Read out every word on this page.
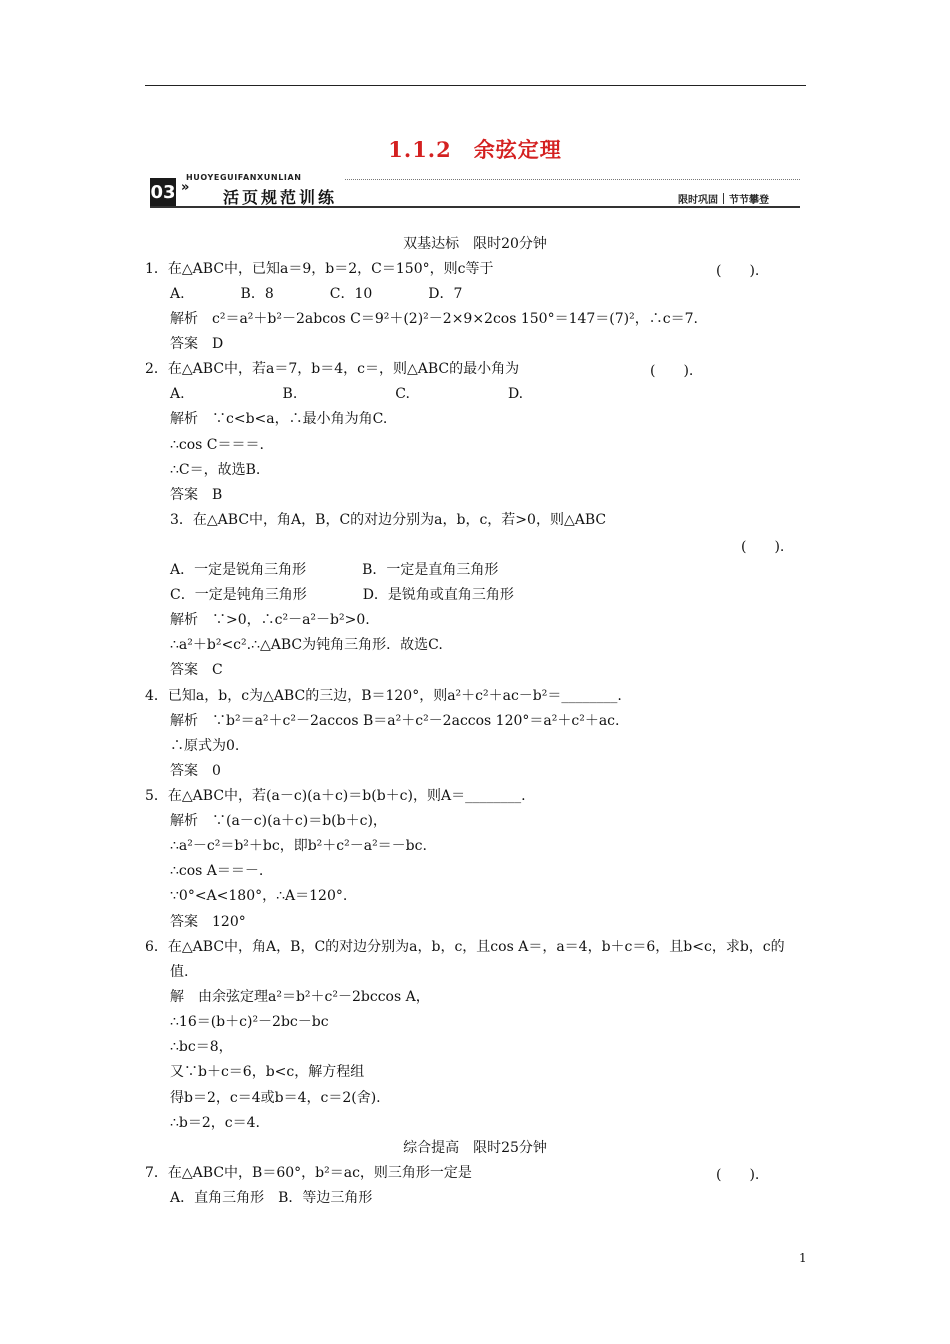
1.1.2　余弦定理
HUOYEGUIFANXUNLIAN
03 »
活页规范训练	限时巩固 节节攀登
双基达标　限时20分钟
1．在△ABC中，已知a＝9，b＝2，C＝150°，则c等于	(　　).
A.　　　　B．8　　　　C．10　　　　D．7
解析　c²＝a²＋b²－2abcos C＝9²＋(2)²－2×9×2cos 150°＝147＝(7)²，∴c＝7.
答案　D
2．在△ABC中，若a＝7，b＝4，c＝，则△ABC的最小角为	(　　).
A.　　　　　　　B.　　　　　　　C.　　　　　　　D.
解析　∵c<b<a，∴最小角为角C.
∴cos C＝＝＝.
∴C＝，故选B.
答案　B
3．在△ABC中，角A，B，C的对边分别为a，b，c，若>0，则△ABC
(　　).
A．一定是锐角三角形　　　　B．一定是直角三角形
C．一定是钝角三角形　　　　D．是锐角或直角三角形
解析　∵>0，∴c²－a²－b²>0.
∴a²＋b²<c².∴△ABC为钝角三角形．故选C.
答案　C
4．已知a，b，c为△ABC的三边，B＝120°，则a²＋c²＋ac－b²＝________.
解析　∵b²＝a²＋c²－2accos B＝a²＋c²－2accos 120°＝a²＋c²＋ac.
∴原式为0.
答案　0
5．在△ABC中，若(a－c)(a＋c)＝b(b＋c)，则A＝________.
解析　∵(a－c)(a＋c)＝b(b＋c)，
∴a²－c²＝b²＋bc，即b²＋c²－a²＝－bc.
∴cos A＝＝－.
∵0°<A<180°，∴A＝120°.
答案　120°
6．在△ABC中，角A，B，C的对边分别为a，b，c，且cos A＝，a＝4，b＋c＝6，且b<c，求b，c的
值.
解　由余弦定理a²＝b²＋c²－2bccos A，
∴16＝(b＋c)²－2bc－bc
∴bc＝8，
又∵b＋c＝6，b<c，解方程组
得b＝2，c＝4或b＝4，c＝2(舍).
∴b＝2，c＝4.
综合提高　限时25分钟
7．在△ABC中，B＝60°，b²＝ac，则三角形一定是	(　　).
A．直角三角形　B．等边三角形
1
